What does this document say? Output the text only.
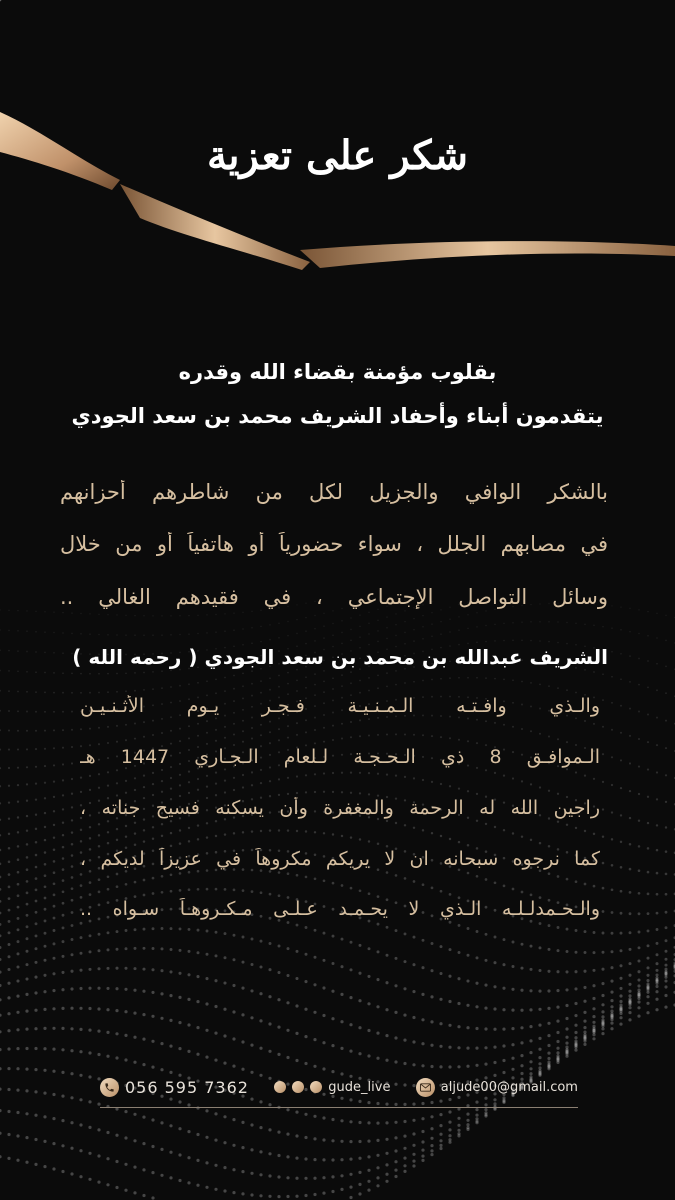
شكر على تعزية
بقلوب مؤمنة بقضاء الله وقدره
يتقدمون أبناء وأحفاد الشريف محمد بن سعد الجودي
بالشكر الوافي والجزيل لكل من شاطرهم أحزانهم
في مصابهم الجلل ، سواء حضورياً أو هاتفياً أو من خلال
وسائل التواصل الإجتماعي ، في فقيدهم الغالي ..
الشريف عبدالله بن محمد بن سعد الجودي ( رحمه الله )
والـذي وافـتـه الـمـنـيـة فـجـر يـوم الأثـنـيـن
الـموافـق 8 ذي الـحـجـة لـلعام الـجـاري 1447 هـ
راجين الله له الرحمة والمغفرة وأن يسكنه فسيح جناته ،
كما نرجوه سبحانه ان لا يريكم مكروهاً في عزيزاً لديكم ،
والـحـمدلـلـه الـذي لا يحـمـد عـلـى مـكـروهـاً سـواه ..
056 595 7362	gude_live	aljude00@gmail.com
